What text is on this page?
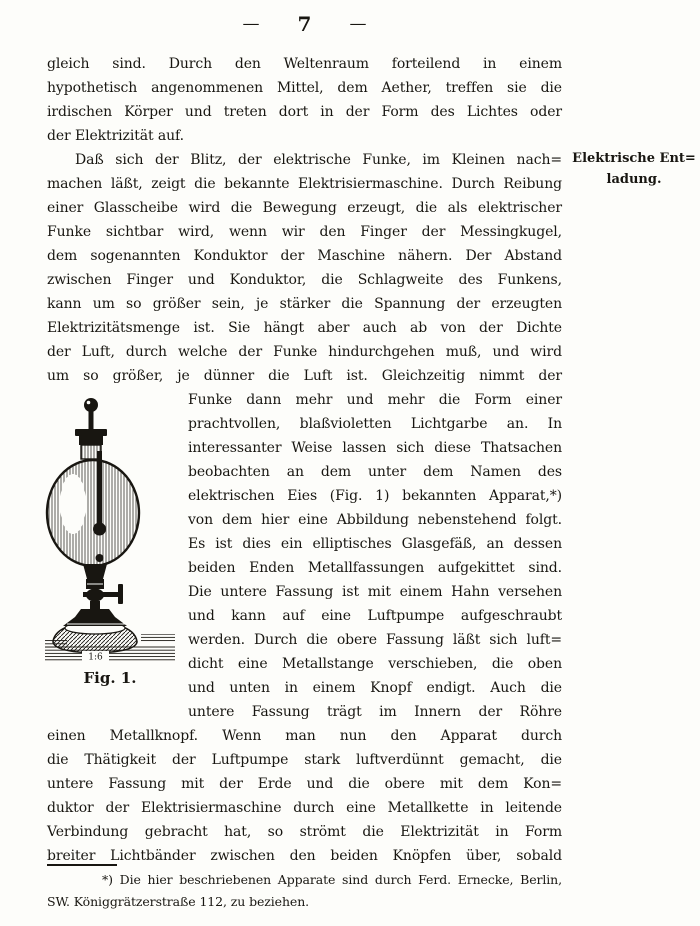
— 7 —
Elektrische Ent=
ladung.
gleich sind. Durch den Weltenraum forteilend in einem
hypothetisch angenommenen Mittel, dem Aether, treffen sie die
irdischen Körper und treten dort in der Form des Lichtes oder
der Elektrizität auf.
Daß sich der Blitz, der elektrische Funke, im Kleinen nach=
machen läßt, zeigt die bekannte Elektrisiermaschine. Durch Reibung
einer Glasscheibe wird die Bewegung erzeugt, die als elektrischer
Funke sichtbar wird, wenn wir den Finger der Messingkugel,
dem sogenannten Konduktor der Maschine nähern. Der Abstand
zwischen Finger und Konduktor, die Schlagweite des Funkens,
kann um so größer sein, je stärker die Spannung der erzeugten
Elektrizitätsmenge ist. Sie hängt aber auch ab von der Dichte
der Luft, durch welche der Funke hindurchgehen muß, und wird
um so größer, je dünner die Luft ist. Gleichzeitig nimmt der
Funke dann mehr und mehr die Form einer
prachtvollen, blaßvioletten Lichtgarbe an. In
interessanter Weise lassen sich diese Thatsachen
beobachten an dem unter dem Namen des
elektrischen Eies (Fig. 1) bekannten Apparat,*)
von dem hier eine Abbildung nebenstehend folgt.
Es ist dies ein elliptisches Glasgefäß, an dessen
beiden Enden Metallfassungen aufgekittet sind.
Die untere Fassung ist mit einem Hahn versehen
und kann auf eine Luftpumpe aufgeschraubt
werden. Durch die obere Fassung läßt sich luft=
dicht eine Metallstange verschieben, die oben
und unten in einem Knopf endigt. Auch die
untere Fassung trägt im Innern der Röhre
einen Metallknopf. Wenn man nun den Apparat durch
die Thätigkeit der Luftpumpe stark luftverdünnt gemacht, die
untere Fassung mit der Erde und die obere mit dem Kon=
duktor der Elektrisiermaschine durch eine Metallkette in leitende
Verbindung gebracht hat, so strömt die Elektrizität in Form
breiter Lichtbänder zwischen den beiden Knöpfen über, sobald
1:6
Fig. 1.
*) Die hier beschriebenen Apparate sind durch Ferd. Ernecke, Berlin,
SW. Königgrätzerstraße 112, zu beziehen.
